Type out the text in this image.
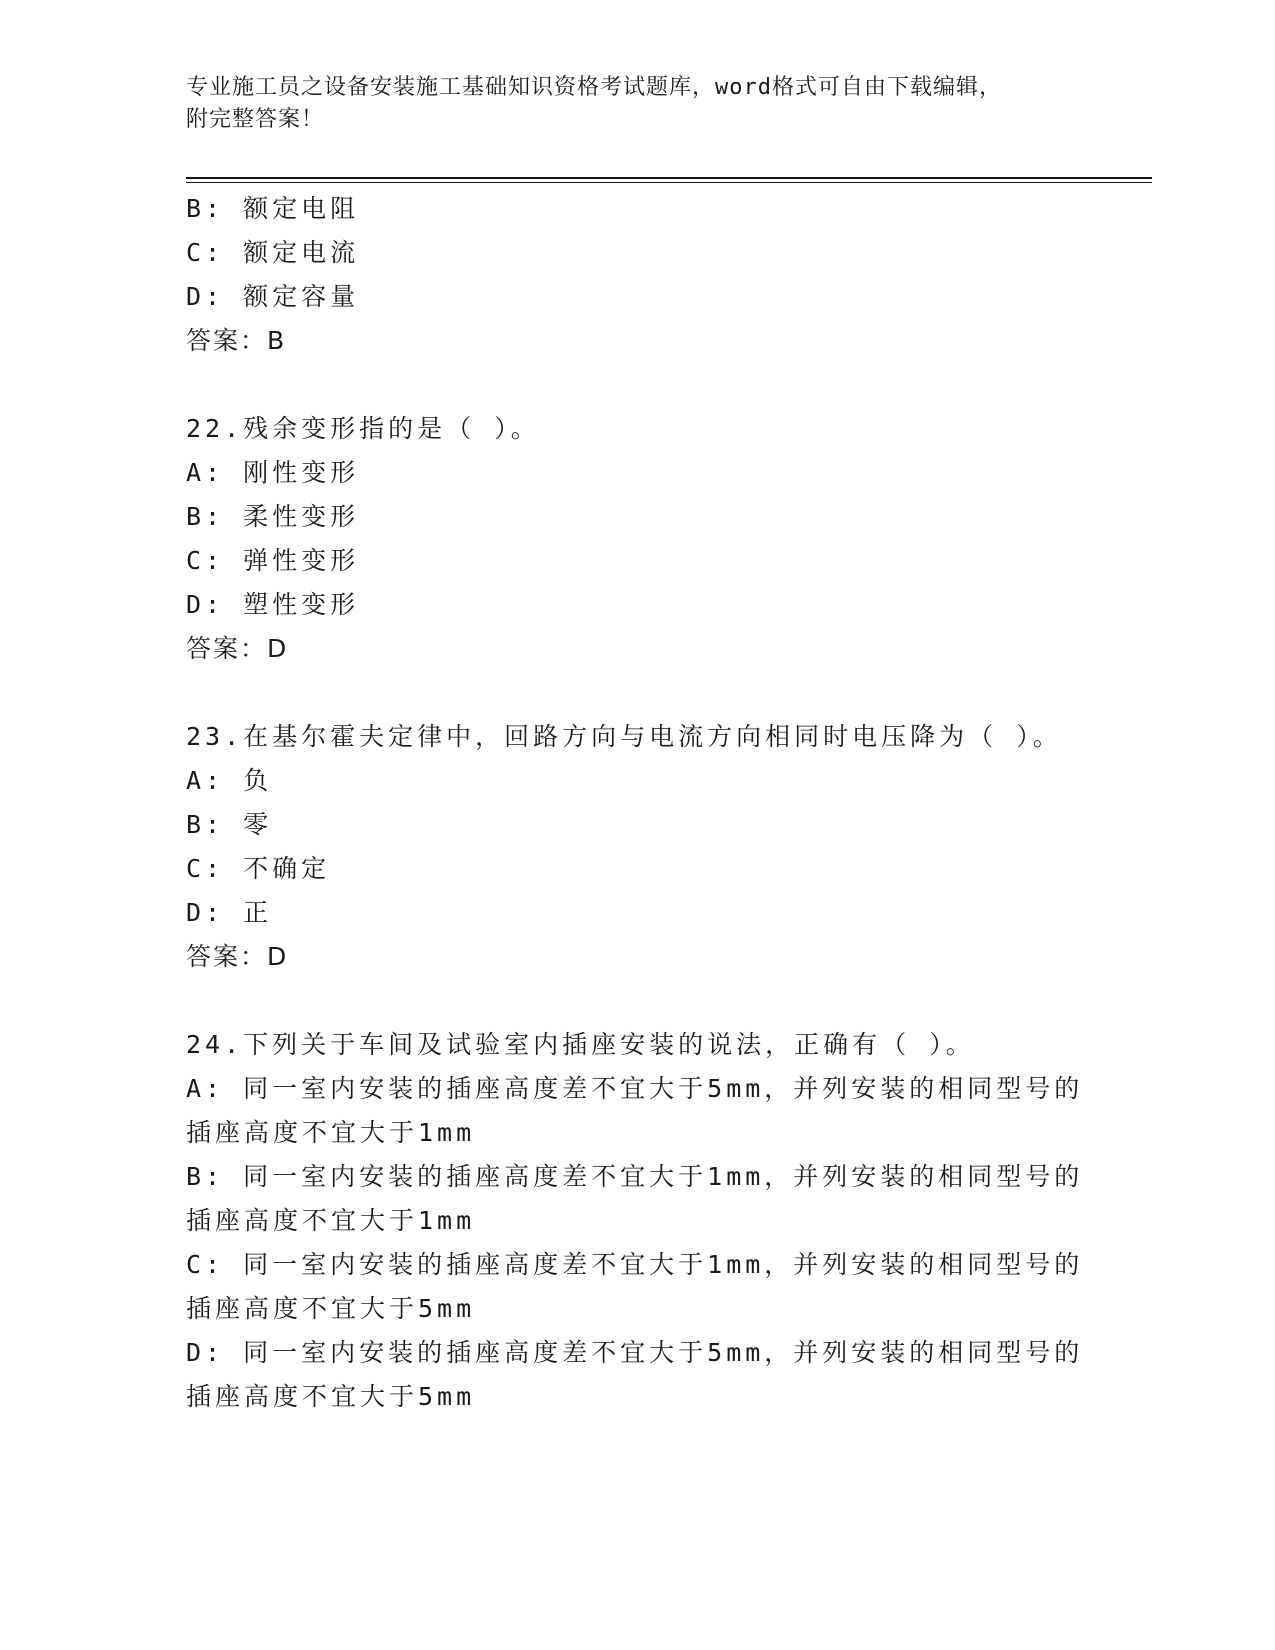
专业施工员之设备安装施工基础知识资格考试题库，word格式可自由下载编辑，
附完整答案！
B: 额定电阻
C: 额定电流
D: 额定容量
答案：B
22.残余变形指的是（ ）。
A: 刚性变形
B: 柔性变形
C: 弹性变形
D: 塑性变形
答案：D
23.在基尔霍夫定律中，回路方向与电流方向相同时电压降为（ ）。
A: 负
B: 零
C: 不确定
D: 正
答案：D
24.下列关于车间及试验室内插座安装的说法，正确有（ ）。
A: 同一室内安装的插座高度差不宜大于5mm，并列安装的相同型号的
插座高度不宜大于1mm
B: 同一室内安装的插座高度差不宜大于1mm，并列安装的相同型号的
插座高度不宜大于1mm
C: 同一室内安装的插座高度差不宜大于1mm，并列安装的相同型号的
插座高度不宜大于5mm
D: 同一室内安装的插座高度差不宜大于5mm，并列安装的相同型号的
插座高度不宜大于5mm
